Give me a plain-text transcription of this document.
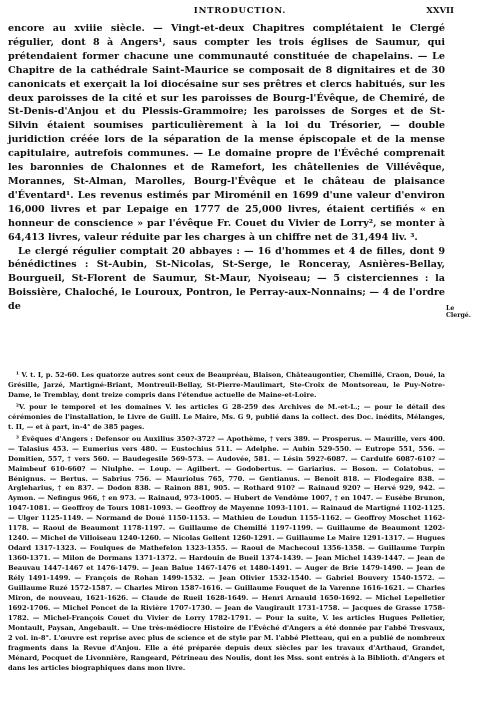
INTRODUCTION.	XXVII

encore au xviiie siècle. — Vingt-et-deux Chapitres complétaient le Clergé régulier, dont 8 à Angers¹, saus compter les trois églises de Saumur, qui prétendaient former chacune une communauté constituée de chapelains. — Le Chapitre de la cathédrale Saint-Maurice se composait de 8 dignitaires et de 30 canonicats et exerçait la loi diocésaine sur ses prêtres et clercs habitués, sur les deux paroisses de la cité et sur les paroisses de Bourg-l'Évêque, de Chemiré, de St-Denis-d'Anjou et du Plessis-Grammoire; les paroisses de Sorges et de St-Silvin étaient soumises particulièrement à la loi du Trésorier, — double juridiction créée lors de la séparation de la mense épiscopale et de la mense capitulaire, autrefois communes. — Le domaine propre de l'Évêché comprenait les baronnies de Chalonnes et de Ramefort, les châtellenies de Villévêque, Morannes, St-Alman, Marolles, Bourg-l'Évêque et le château de plaisance d'Éventard¹. Les revenus estimés par Miroménil en 1699 d'une valeur d'environ 16,000 livres et par Lepaige en 1777 de 25,000 livres, étaient certifiés « en honneur de conscience » par l'évêque Fr. Couet du Vivier de Lorry², se monter à 64,413 livres, valeur réduite par les charges à un chiffre net de 31,494 liv. ³.

Le clergé régulier comptait 20 abbayes : — 16 d'hommes et 4 de filles, dont 9 bénédictines : St-Aubin, St-Nicolas, St-Serge, le Ronceray, Asnières-Bellay, Bourgueil, St-Florent de Saumur, St-Maur, Nyoiseau; — 5 cisterciennes : la Boissière, Chaloché, le Louroux, Pontron, le Perray-aux-Nonnains; — 4 de l'ordre de	Le Clergé.

¹ V. t. I, p. 52-60. Les quatorze autres sont ceux de Beaupréau, Blaison, Châteaugontier, Chemillé, Craon, Doué, la Grésille, Jarzé, Martigné-Briant, Montreuil-Bellay, St-Pierre-Maulimart, Ste-Croix de Montsoreau, le Puy-Notre-Dame, le Tremblay, dont treize compris dans l'étendue actuelle de Maine-et-Loire.

²V. pour le temporel et les domaines V. les articles G 28-259 des Archives de M.-et-L.; — pour le détail des cérémonies de l'installation, le Livre de Guill. Le Maire, Ms. G 9, publié dans la collect. des Doc. inédits, Mélanges, t. II, — et à part, in-4° de 385 pages.

³ Évêques d'Angers : Defensor ou Auxilius 350?-372? — Apothème, † vers 389. — Prosperus. — Maurille, vers 400. — Talasius 453. — Eumerius vers 480. — Eustochius 511. — Adelphe. — Aubin 529-550. — Eutrope 551, 556. — Domitien, 557, † vers 560. — Baudegesile 569-573. — Audovée, 581. — Lésin 592?-6087. — Cardulfe 6087-610? — Maimbeuf 610-660? — Niulphe. — Loup. — Agilbert. — Godobertus. — Gariarius. — Boson. — Colatobus. — Bénignus. — Bertus. — Sabrius 756. — Mauriolus 765, 770. — Gentianus. — Benoit 818. — Flodegaire 838. — Argleharius, † en 837. — Dodon 838. — Rainon 881, 905. — Rothard 910? — Rainaud 920? — Hervé 929, 942. — Aymon. — Nefingus 966, † en 973. — Rainaud, 973-1005. — Hubert de Vendôme 1007, † en 1047. — Eusèbe Brunon, 1047-1081. — Geoffroy de Tours 1081-1093. — Geoffroy de Mayenne 1093-1101. — Rainaud de Martigné 1102-1125. — Ulger 1125-1149. — Normand de Doué 1150-1153. — Mathieu de Loudun 1155-1162. — Geoffroy Moschet 1162-1178. — Raoul de Beaumont 1178-1197. — Guillaume de Chemillé 1197-1199. — Guillaume de Beaumont 1202-1240. — Michel de Villoiseau 1240-1260. — Nicolas Gellent 1260-1291. — Guillaume Le Maire 1291-1317. — Hugues Odard 1317-1323. — Foulques de Mathefelon 1323-1355. — Raoul de Machecoul 1356-1358. — Guillaume Turpin 1360-1371. — Milon de Dormans 1371-1372. — Hardouin de Bueil 1374-1439. — Jean Michel 1439-1447. — Jean de Beauvau 1447-1467 et 1476-1479. — Jean Balue 1467-1476 et 1480-1491. — Auger de Brie 1479-1490. — Jean de Rély 1491-1499. — François de Rohan 1499-1532. — Jean Olivier 1532-1540. — Gabriel Bouvery 1540-1572. — Guillaume Ruzé 1572-1587. — Charles Miron 1587-1616. — Guillaume Fouquet de la Varenne 1616-1621. — Charles Miron, de nouveau, 1621-1626. — Claude de Rueil 1628-1649. — Henri Arnauld 1650-1692. — Michel Lepelletier 1692-1706. — Michel Poncet de la Rivière 1707-1730. — Jean de Vaugirault 1731-1758. — Jacques de Grasse 1758-1782. — Michel-François Couet du Vivier de Lorry 1782-1791. — Pour la suite, V. les articles Hugues Pelletier, Montault, Paysan, Angebault. — Une très-médiocre Histoire de l'Évêché d'Angers a été donnée par l'abbé Tresvaux, 2 vol. in-8°. L'œuvre est reprise avec plus de science et de style par M. l'abbé Pletteau, qui en a publié de nombreux fragments dans la Revue d'Anjou. Elle a été préparée depuis deux siècles par les travaux d'Arthaud, Grandet, Ménard, Pocquet de Livonnière, Rangeard, Pétrineau des Noulis, dont les Mss. sont entrés à la Biblioth. d'Angers et dans les articles biographiques dans mon livre.
